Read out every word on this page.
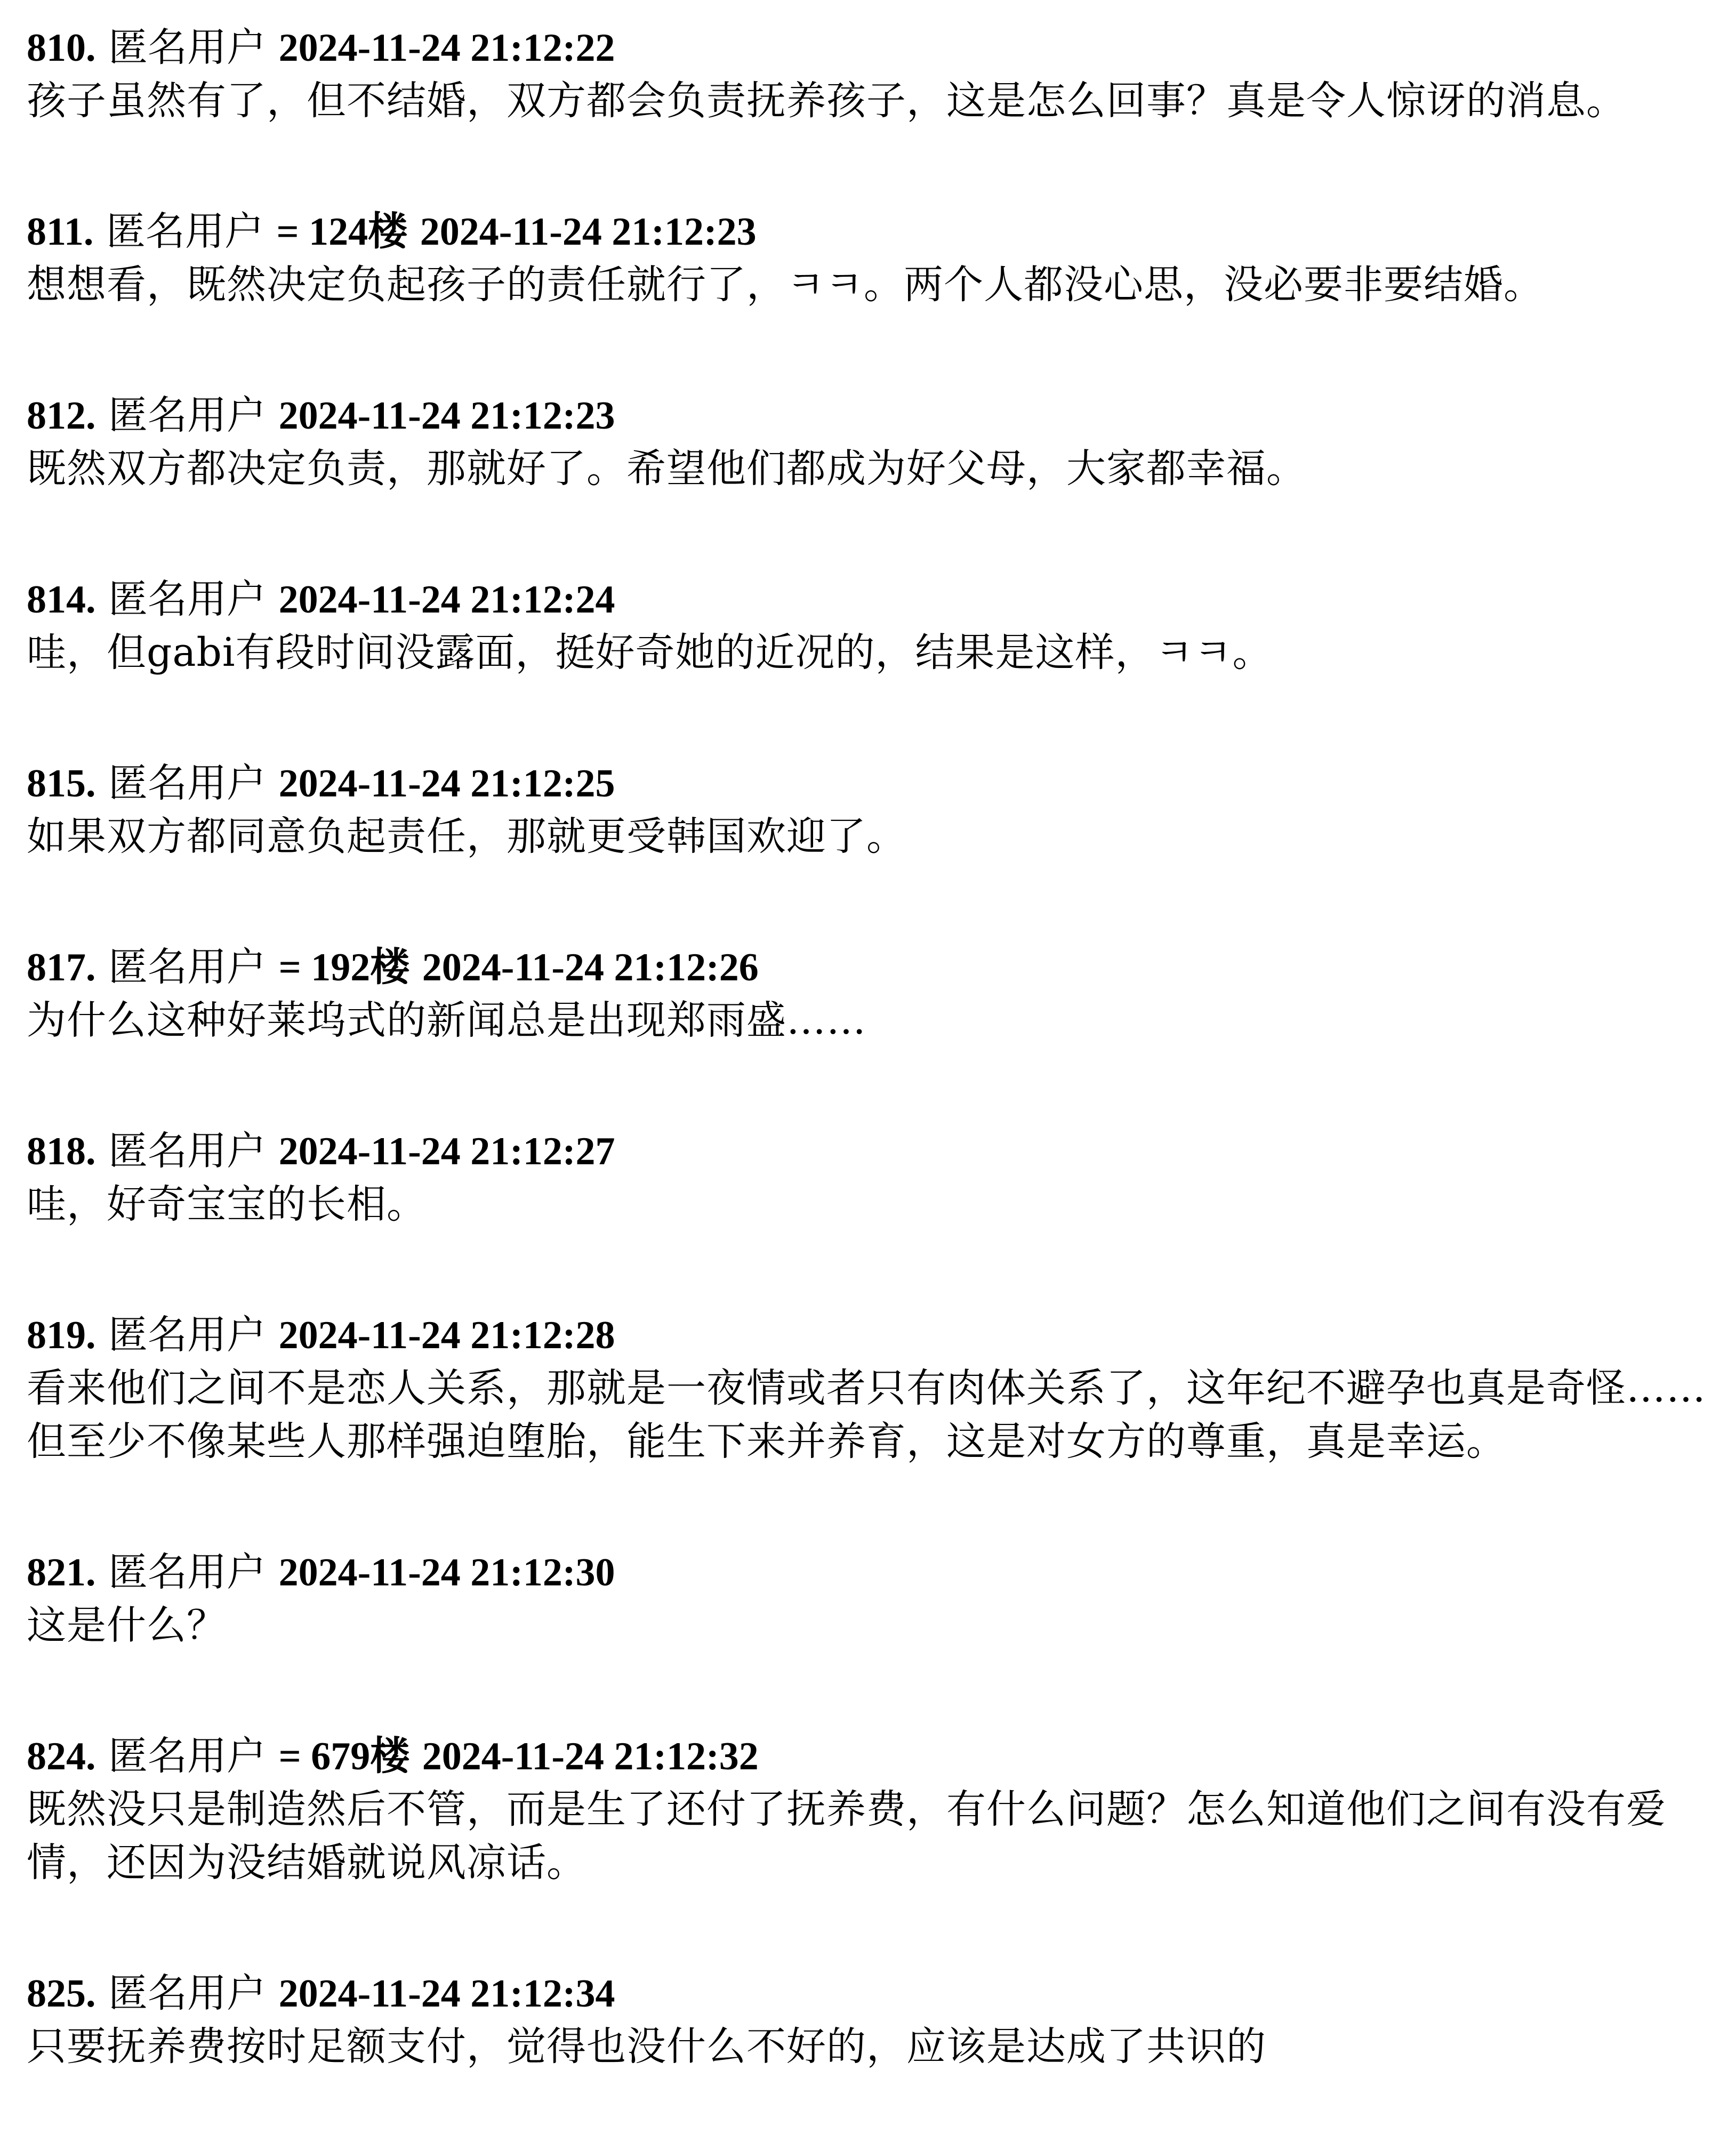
810. 匿名用户 2024-11-24 21:12:22
孩子虽然有了，但不结婚，双方都会负责抚养孩子，这是怎么回事？真是令人惊讶的消息。
811. 匿名用户 = 124楼 2024-11-24 21:12:23
想想看，既然决定负起孩子的责任就行了，ㅋㅋ。两个人都没心思，没必要非要结婚。
812. 匿名用户 2024-11-24 21:12:23
既然双方都决定负责，那就好了。希望他们都成为好父母，大家都幸福。
814. 匿名用户 2024-11-24 21:12:24
哇，但gabi有段时间没露面，挺好奇她的近况的，结果是这样，ㅋㅋ。
815. 匿名用户 2024-11-24 21:12:25
如果双方都同意负起责任，那就更受韩国欢迎了。
817. 匿名用户 = 192楼 2024-11-24 21:12:26
为什么这种好莱坞式的新闻总是出现郑雨盛……
818. 匿名用户 2024-11-24 21:12:27
哇，好奇宝宝的长相。
819. 匿名用户 2024-11-24 21:12:28
看来他们之间不是恋人关系，那就是一夜情或者只有肉体关系了，这年纪不避孕也真是奇怪……但至少不像某些人那样强迫堕胎，能生下来并养育，这是对女方的尊重，真是幸运。
821. 匿名用户 2024-11-24 21:12:30
这是什么？
824. 匿名用户 = 679楼 2024-11-24 21:12:32
既然没只是制造然后不管，而是生了还付了抚养费，有什么问题？怎么知道他们之间有没有爱情，还因为没结婚就说风凉话。
825. 匿名用户 2024-11-24 21:12:34
只要抚养费按时足额支付，觉得也没什么不好的，应该是达成了共识的
